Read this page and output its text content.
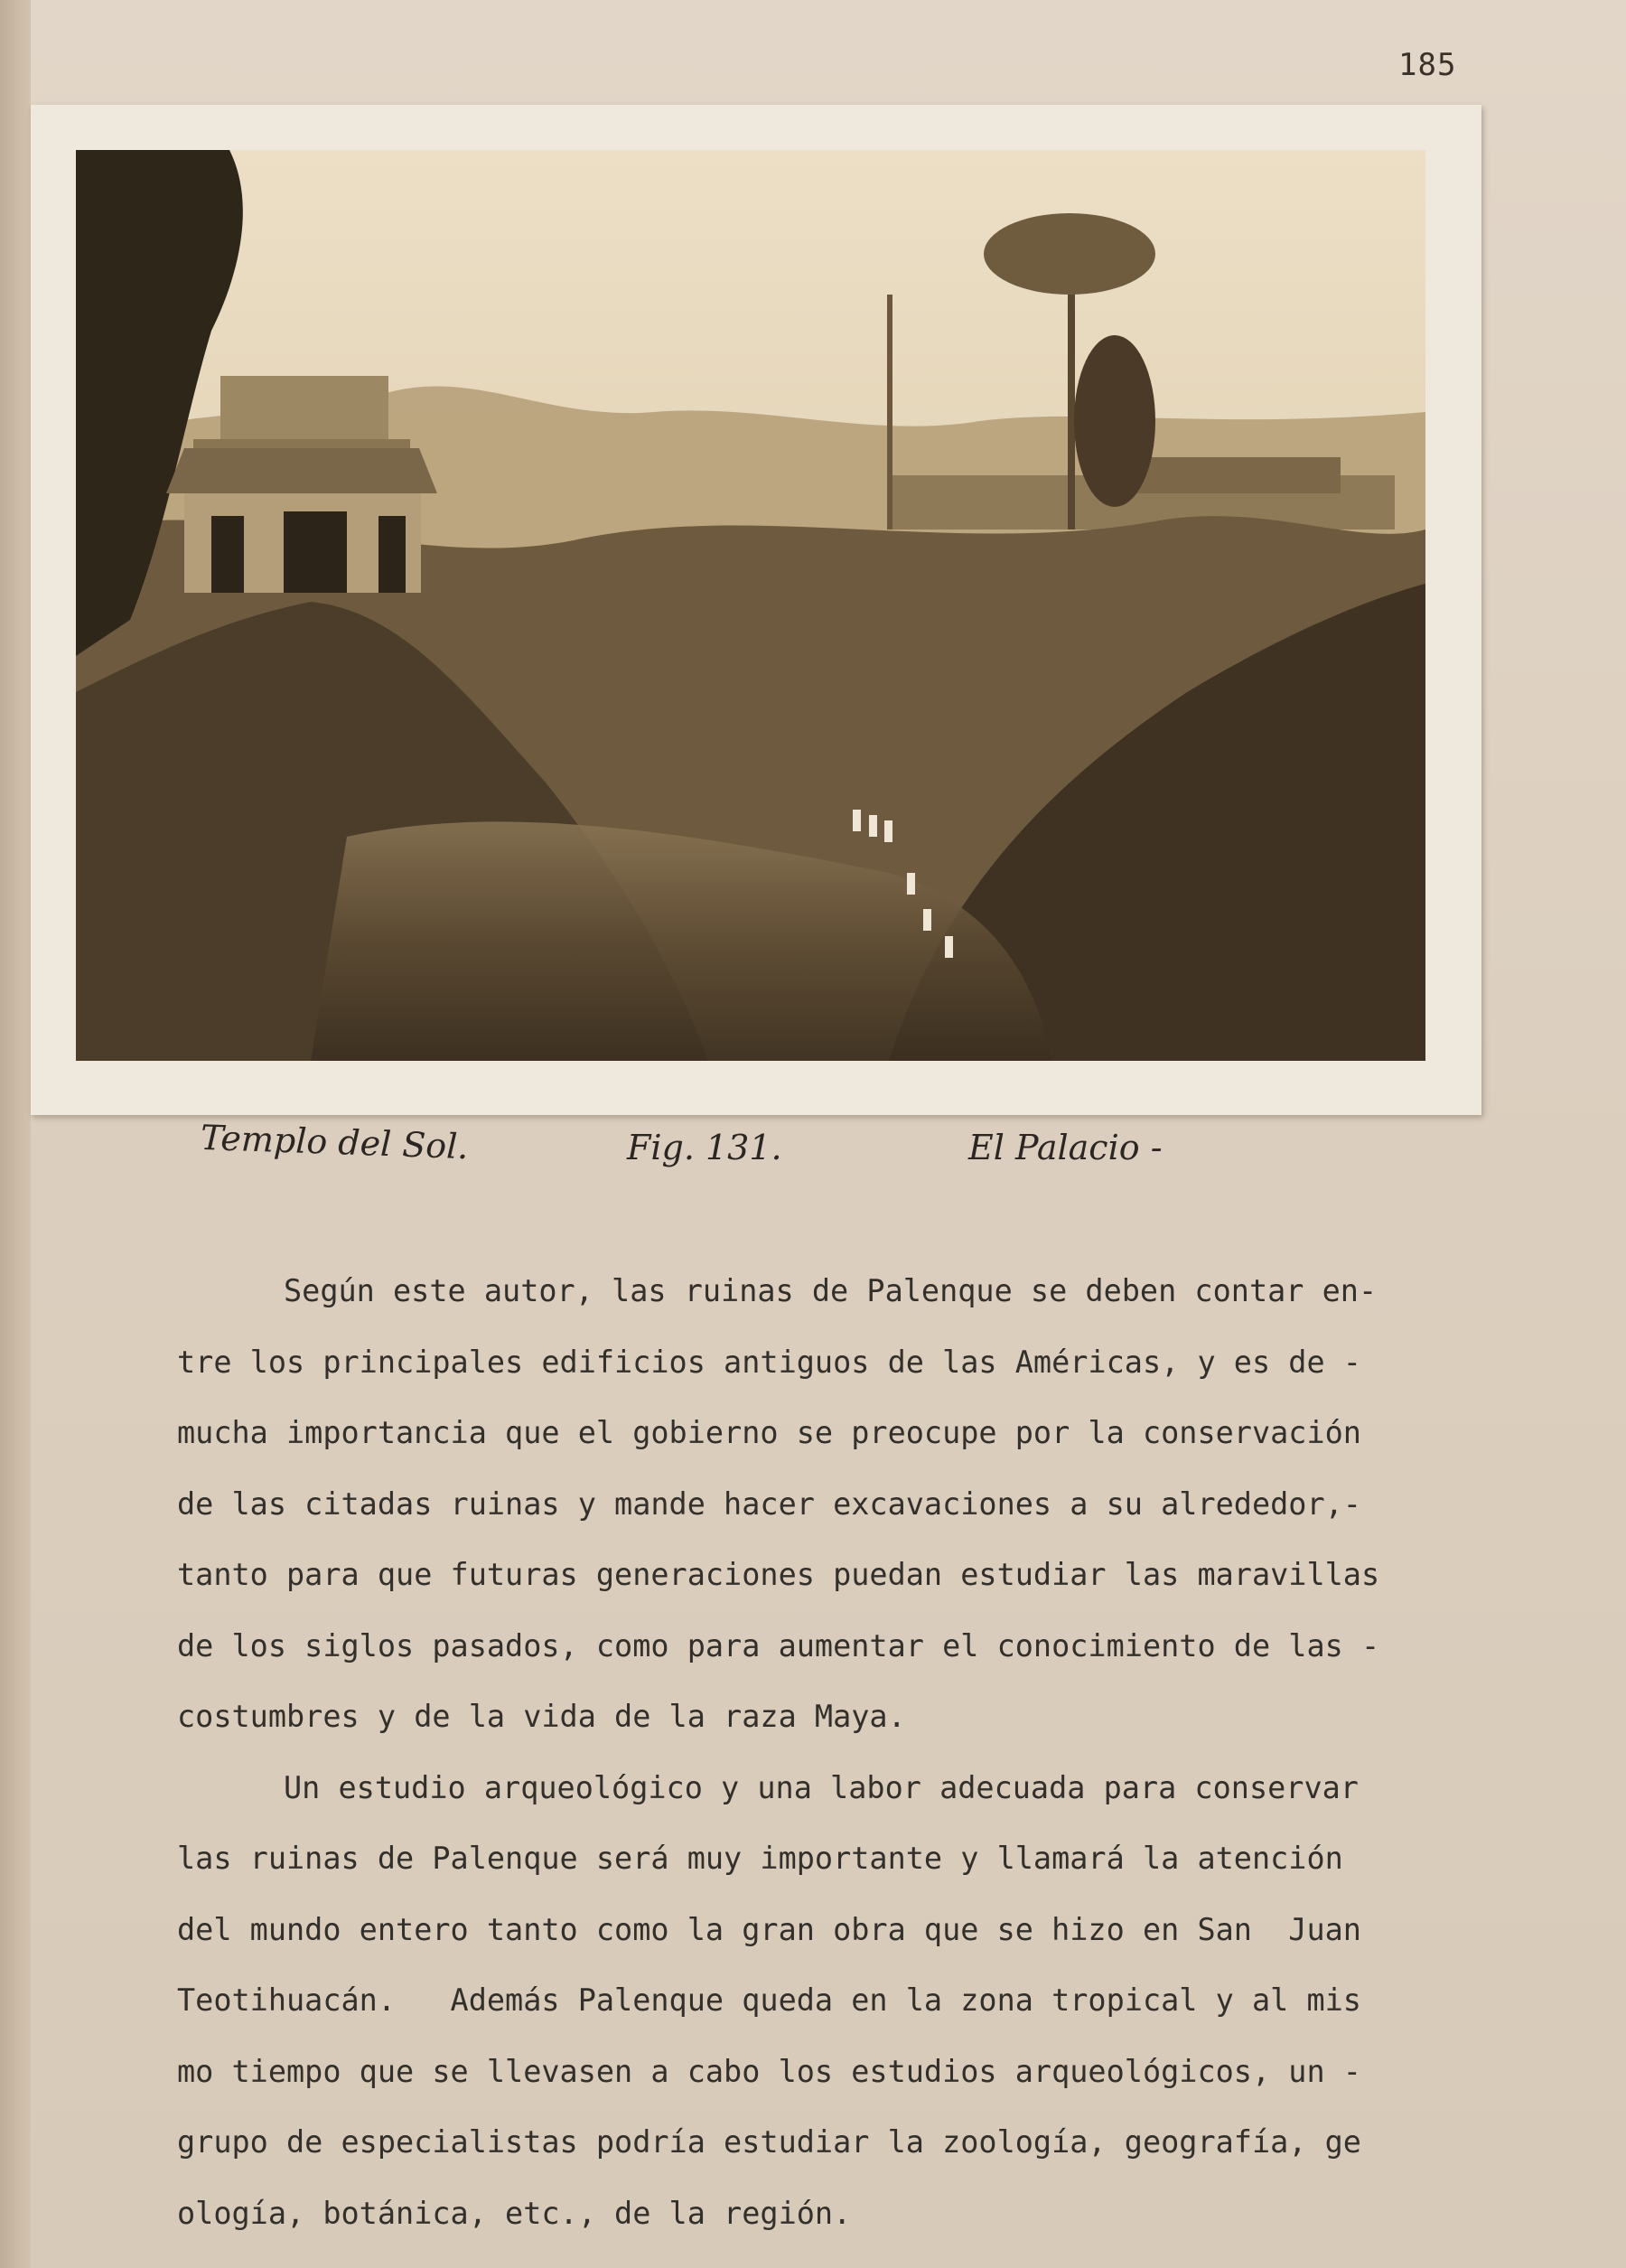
185
Templo del Sol.	Fig. 131.	El Palacio -
Según este autor, las ruinas de Palenque se deben contar en-
tre los principales edificios antiguos de las Américas, y es de -
mucha importancia que el gobierno se preocupe por la conservación
de las citadas ruinas y mande hacer excavaciones a su alrededor,-
tanto para que futuras generaciones puedan estudiar las maravillas
de los siglos pasados, como para aumentar el conocimiento de las -
costumbres y de la vida de la raza Maya.
Un estudio arqueológico y una labor adecuada para conservar
las ruinas de Palenque será muy importante y llamará la atención
del mundo entero tanto como la gran obra que se hizo en San  Juan
Teotihuacán.   Además Palenque queda en la zona tropical y al mis
mo tiempo que se llevasen a cabo los estudios arqueológicos, un -
grupo de especialistas podría estudiar la zoología, geografía, ge
ología, botánica, etc., de la región.
